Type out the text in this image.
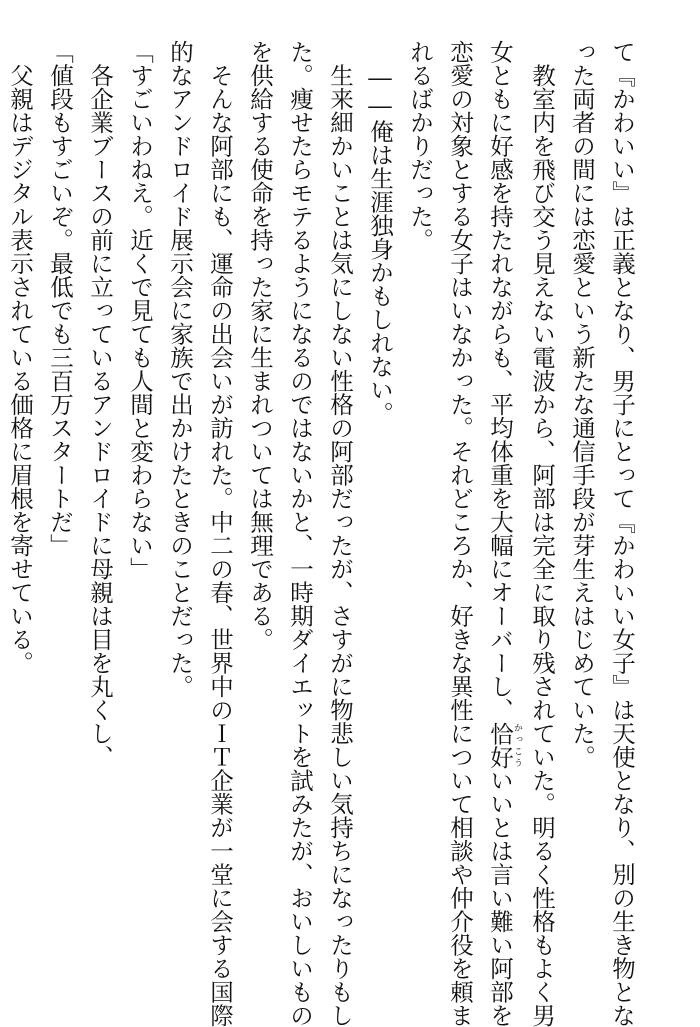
て『かわいい』は正義となり、男子にとって『かわいい女子』は天使となり、別の生き物とな

った両者の間には恋愛という新たな通信手段が芽生えはじめていた。

　教室内を飛び交う見えない電波から、阿部は完全に取り残されていた。明るく性格もよく男

女ともに好感を持たれながらも、平均体重を大幅にオーバーし、恰好かっこういいとは言い難い阿部を

恋愛の対象とする女子はいなかった。それどころか、好きな異性について相談や仲介役を頼ま

れるばかりだった。

　――俺は生涯独身かもしれない。

　生来細かいことは気にしない性格の阿部だったが、さすがに物悲しい気持ちになったりもし

た。痩せたらモテるようになるのではないかと、一時期ダイエットを試みたが、おいしいもの

を供給する使命を持った家に生まれついては無理である。

　そんな阿部にも、運命の出会いが訪れた。中二の春、世界中のＩＴ企業が一堂に会する国際

的なアンドロイド展示会に家族で出かけたときのことだった。

「すごいわねえ。近くで見ても人間と変わらない」

　各企業ブースの前に立っているアンドロイドに母親は目を丸くし、

「値段もすごいぞ。最低でも三百万スタートだ」

　父親はデジタル表示されている価格に眉根を寄せている。
